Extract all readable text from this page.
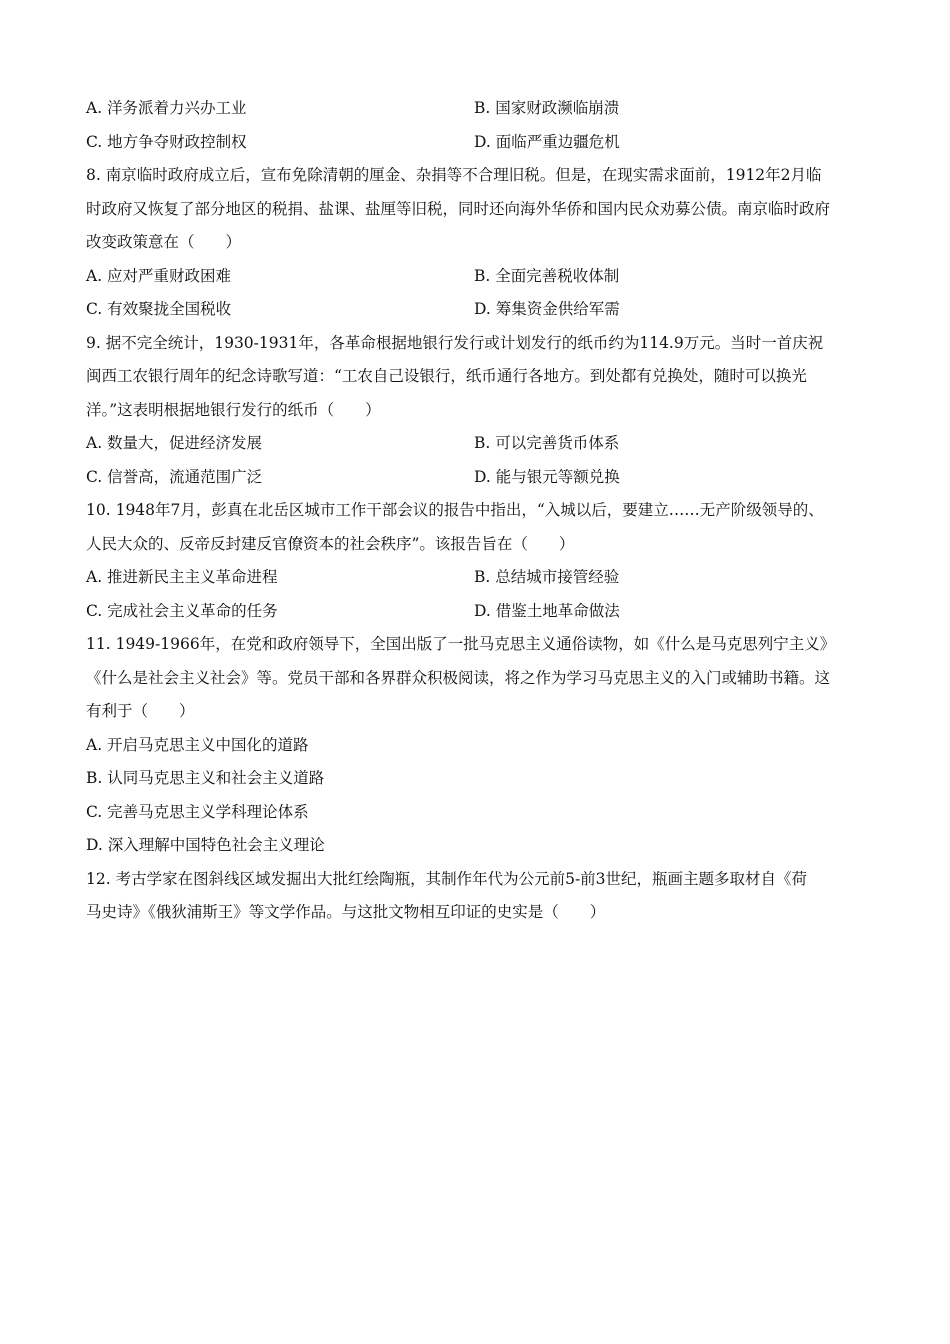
A. 洋务派着力兴办工业	B. 国家财政濒临崩溃
C. 地方争夺财政控制权	D. 面临严重边疆危机
8. 南京临时政府成立后，宣布免除清朝的厘金、杂捐等不合理旧税。但是，在现实需求面前，1912年2月临
时政府又恢复了部分地区的税捐、盐课、盐厘等旧税，同时还向海外华侨和国内民众劝募公债。南京临时政府
改变政策意在（　　）
A. 应对严重财政困难	B. 全面完善税收体制
C. 有效聚拢全国税收	D. 筹集资金供给军需
9. 据不完全统计，1930-1931年，各革命根据地银行发行或计划发行的纸币约为114.9万元。当时一首庆祝
闽西工农银行周年的纪念诗歌写道：“工农自己设银行，纸币通行各地方。到处都有兑换处，随时可以换光
洋。”这表明根据地银行发行的纸币（　　）
A. 数量大，促进经济发展	B. 可以完善货币体系
C. 信誉高，流通范围广泛	D. 能与银元等额兑换
10. 1948年7月，彭真在北岳区城市工作干部会议的报告中指出，“入城以后，要建立……无产阶级领导的、
人民大众的、反帝反封建反官僚资本的社会秩序”。该报告旨在（　　）
A. 推进新民主主义革命进程	B. 总结城市接管经验
C. 完成社会主义革命的任务	D. 借鉴土地革命做法
11. 1949-1966年，在党和政府领导下，全国出版了一批马克思主义通俗读物，如《什么是马克思列宁主义》
《什么是社会主义社会》等。党员干部和各界群众积极阅读，将之作为学习马克思主义的入门或辅助书籍。这
有利于（　　）
A. 开启马克思主义中国化的道路
B. 认同马克思主义和社会主义道路
C. 完善马克思主义学科理论体系
D. 深入理解中国特色社会主义理论
12. 考古学家在图斜线区域发掘出大批红绘陶瓶，其制作年代为公元前5-前3世纪，瓶画主题多取材自《荷
马史诗》《俄狄浦斯王》等文学作品。与这批文物相互印证的史实是（　　）
